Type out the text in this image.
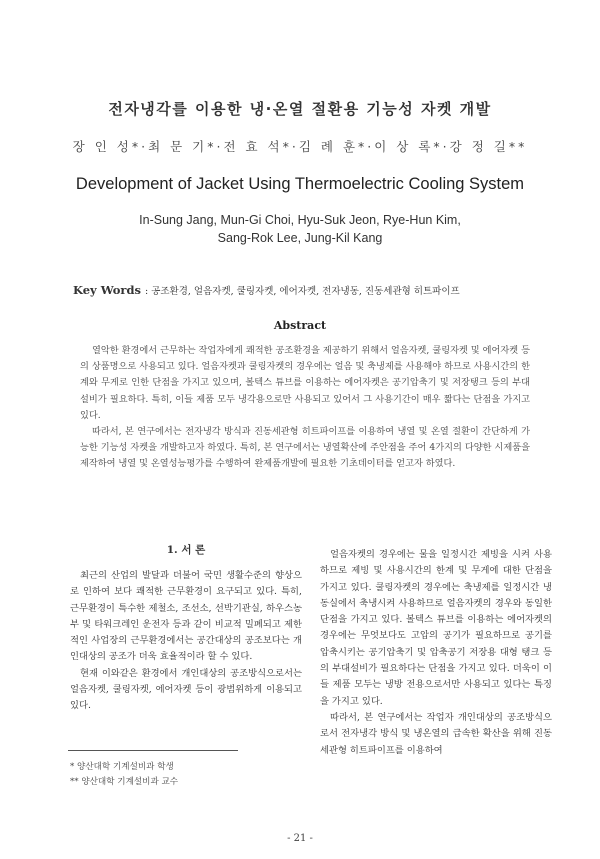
전자냉각를 이용한 냉·온열 절환용 기능성 자켓 개발
장 인 성*·최 문 기*·전 효 석*·김 례 훈*·이 상 록*·강 정 길**
Development of Jacket Using Thermoelectric Cooling System
In-Sung Jang, Mun-Gi Choi, Hyu-Suk Jeon, Rye-Hun Kim,
Sang-Rok Lee, Jung-Kil Kang
Key Words : 공조환경, 얼음자켓, 쿨링자켓, 에어자켓, 전자냉동, 진동세관형 히트파이프
Abstract

열악한 환경에서 근무하는 작업자에게 쾌적한 공조환경을 제공하기 위해서 얼음자켓, 쿨링자켓 및 에어자켓 등의 상품명으로 사용되고 있다. 얼음자켓과 쿨링자켓의 경우에는 얼음 및 축냉제를 사용해야 하므로 사용시간의 한계와 무게로 인한 단점을 가지고 있으며, 볼텍스 튜브를 이용하는 에어자켓은 공기압축기 및 저장탱크 등의 부대설비가 필요하다. 특히, 이들 제품 모두 냉각용으로만 사용되고 있어서 그 사용기간이 매우 짧다는 단점을 가지고 있다.

따라서, 본 연구에서는 전자냉각 방식과 진동세관형 히트파이프를 이용하여 냉열 및 온열 절환이 간단하게 가능한 기능성 자켓을 개발하고자 하였다. 특히, 본 연구에서는 냉열확산에 주안점을 주어 4가지의 다양한 시제품을 제작하여 냉열 및 온열성능평가를 수행하여 완제품개발에 필요한 기초데이터를 얻고자 하였다.

1. 서 론

최근의 산업의 발달과 더불어 국민 생활수준의 향상으로 인하여 보다 쾌적한 근무환경이 요구되고 있다. 특히, 근무환경이 특수한 제철소, 조선소, 선박기관실, 하우스농부 및 타워크레인 운전자 등과 같이 비교적 밀폐되고 제한적인 사업장의 근무환경에서는 공간대상의 공조보다는 개인대상의 공조가 더욱 효율적이라 할 수 있다.

현재 이와같은 환경에서 개인대상의 공조방식으로서는 얼음자켓, 쿨링자켓, 에어자켓 등이 광범위하게 이용되고 있다.

얼음자켓의 경우에는 물을 일정시간 제빙을 시켜 사용하므로 제빙 및 사용시간의 한계 및 무게에 대한 단점을 가지고 있다. 쿨링자켓의 경우에는 축냉제를 일정시간 냉동실에서 축냉시켜 사용하므로 얼음자켓의 경우와 동일한 단점을 가지고 있다. 볼텍스 튜브를 이용하는 에어자켓의 경우에는 무엇보다도 고압의 공기가 필요하므로 공기를 압축시키는 공기압축기 및 압축공기 저장용 대형 탱크 등의 부대설비가 필요하다는 단점을 가지고 있다. 더욱이 이들 제품 모두는 냉방 전용으로서만 사용되고 있다는 특징을 가지고 있다.

따라서, 본 연구에서는 작업자 개인대상의 공조방식으로서 전자냉각 방식 및 냉온열의 급속한 확산을 위해 진동세관형 히트파이프를 이용하여

* 양산대학 기계설비과 학생
** 양산대학 기계설비과 교수
- 21 -
